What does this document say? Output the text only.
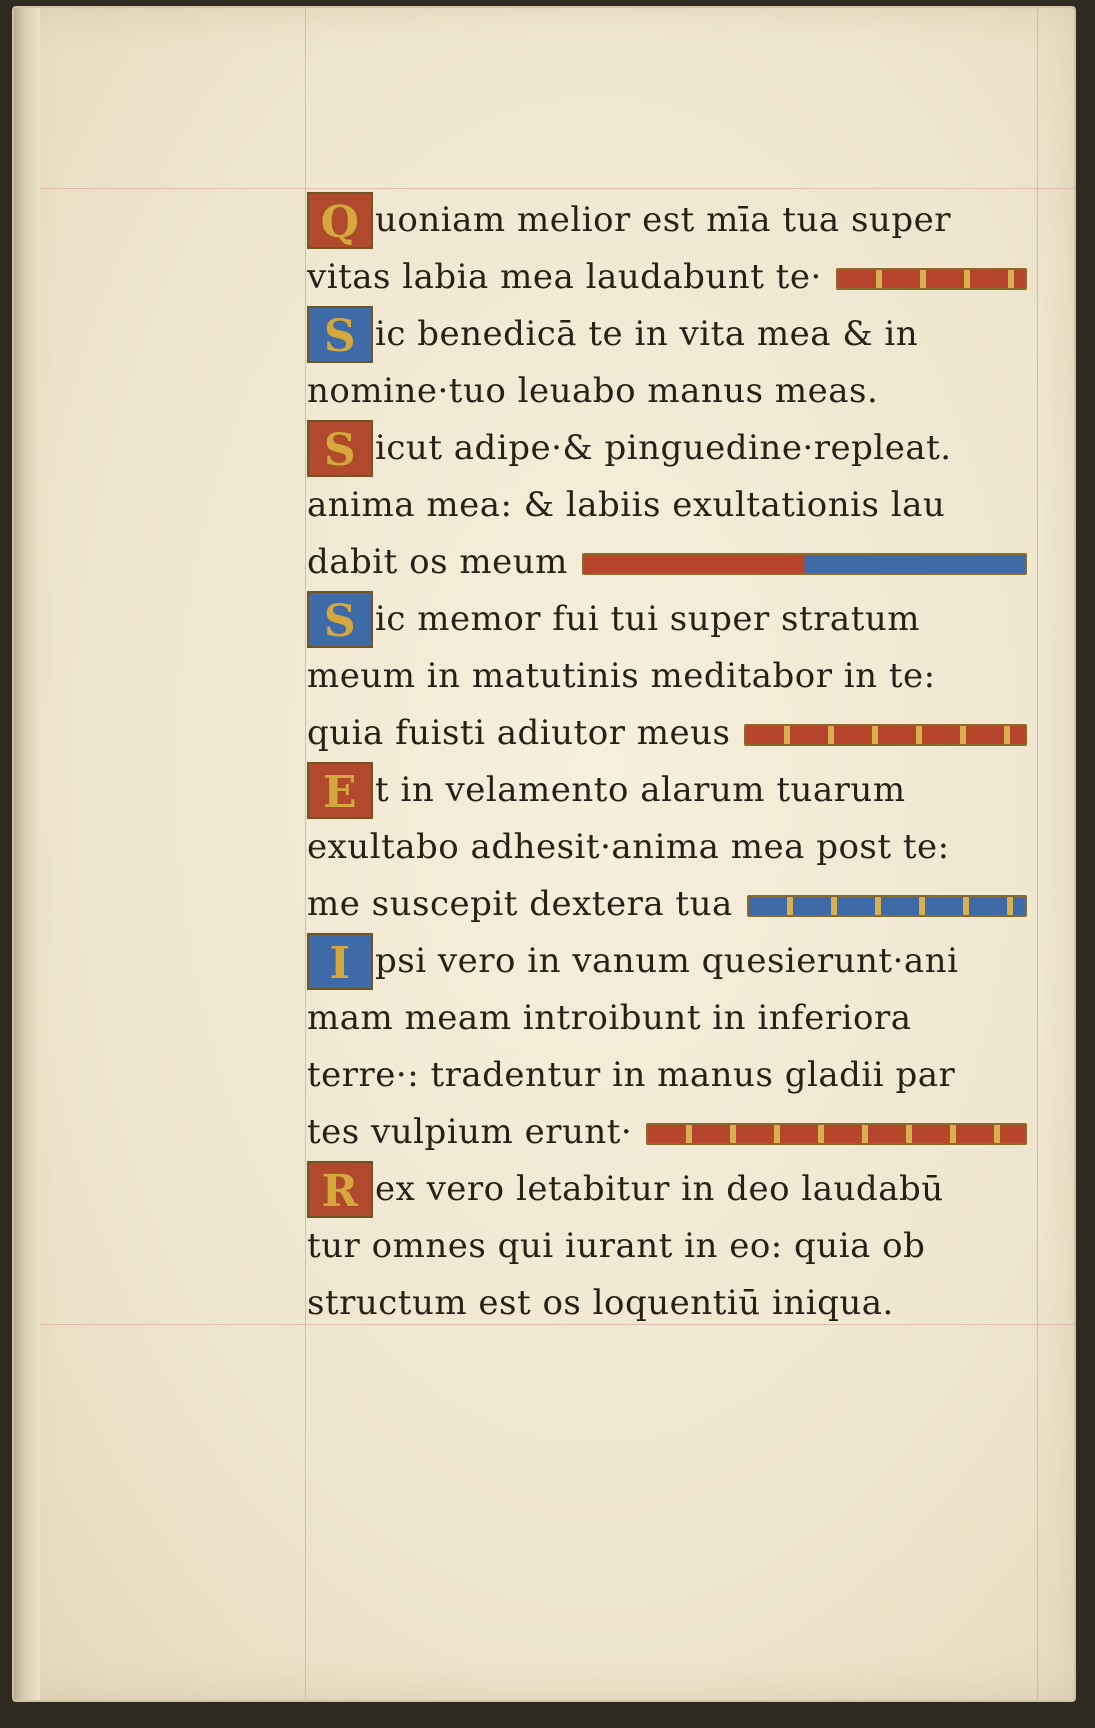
Q uoniam melior est mīa tua super
vitas labia mea laudabunt te·
S ic benedicā te in vita mea & in
nomine·tuo leuabo manus meas.
S icut adipe·& pinguedine·repleat.
anima mea: & labiis exultationis lau
dabit os meum
S ic memor fui tui super stratum
meum in matutinis meditabor in te:
quia fuisti adiutor meus
E t in velamento alarum tuarum
exultabo adhesit·anima mea post te:
me suscepit dextera tua
I psi vero in vanum quesierunt·ani
mam meam introibunt in inferiora
terre·: tradentur in manus gladii par
tes vulpium erunt·
R ex vero letabitur in deo laudabū
tur omnes qui iurant in eo: quia ob
structum est os loquentiū iniqua.
